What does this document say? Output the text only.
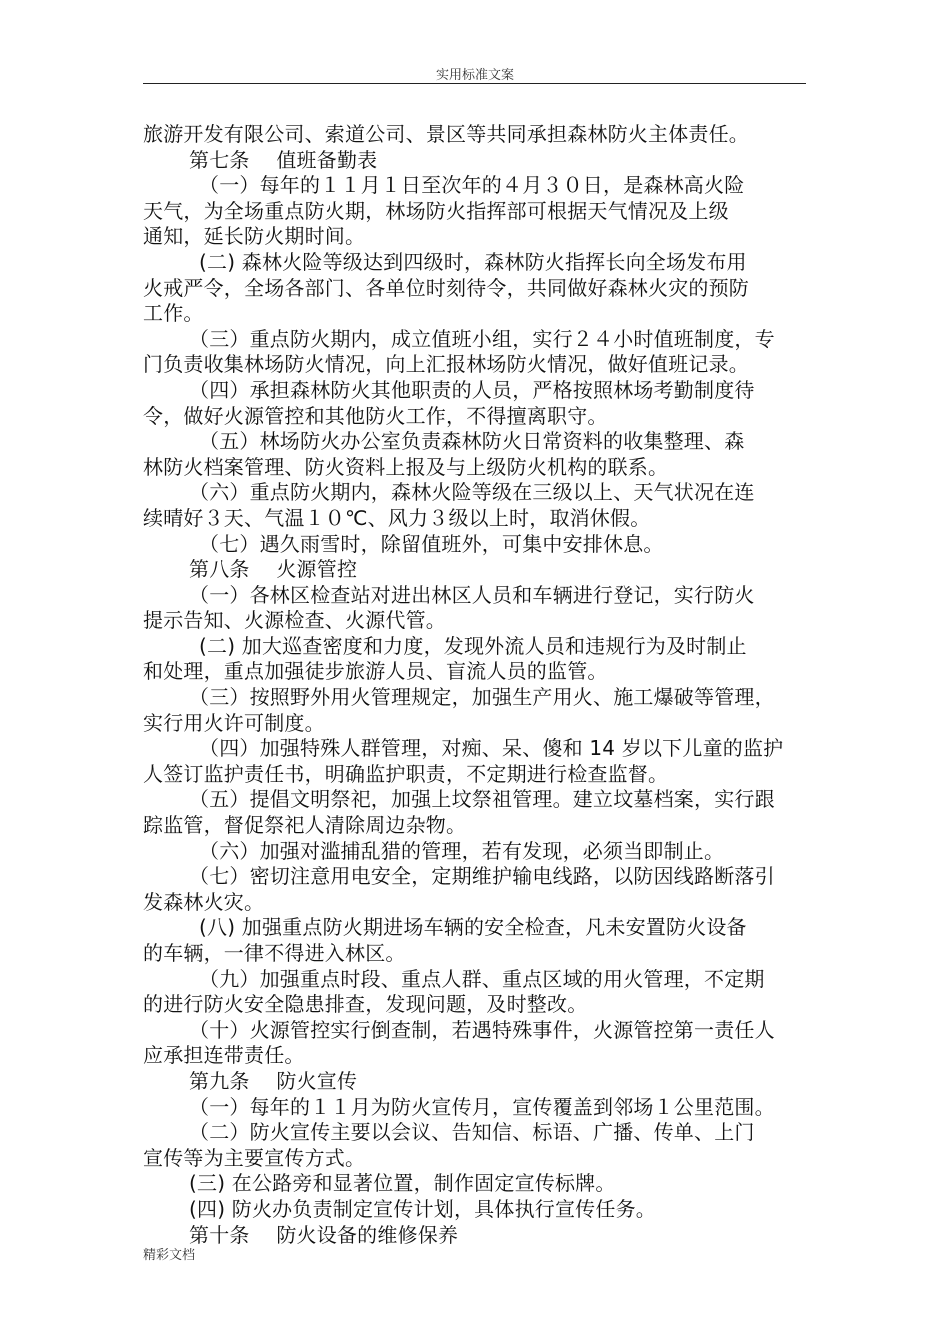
实用标准文案
旅游开发有限公司、索道公司、景区等共同承担森林防火主体责任。
第七条　 值班备勤表
（一）每年的１１月１日至次年的４月３０日，是森林高火险
天气，为全场重点防火期，林场防火指挥部可根据天气情况及上级
通知，延长防火期时间。
(二) 森林火险等级达到四级时，森林防火指挥长向全场发布用
火戒严令，全场各部门、各单位时刻待令，共同做好森林火灾的预防
工作。
（三）重点防火期内，成立值班小组，实行２４小时值班制度，专
门负责收集林场防火情况，向上汇报林场防火情况，做好值班记录。
（四）承担森林防火其他职责的人员，严格按照林场考勤制度待
令，做好火源管控和其他防火工作，不得擅离职守。
（五）林场防火办公室负责森林防火日常资料的收集整理、森
林防火档案管理、防火资料上报及与上级防火机构的联系。
（六）重点防火期内，森林火险等级在三级以上、天气状况在连
续晴好３天、气温１０℃、风力３级以上时，取消休假。
（七）遇久雨雪时，除留值班外，可集中安排休息。
第八条　 火源管控
（一）各林区检查站对进出林区人员和车辆进行登记，实行防火
提示告知、火源检查、火源代管。
(二) 加大巡查密度和力度，发现外流人员和违规行为及时制止
和处理，重点加强徒步旅游人员、盲流人员的监管。
（三）按照野外用火管理规定，加强生产用火、施工爆破等管理，
实行用火许可制度。
（四）加强特殊人群管理，对痴、呆、傻和 14 岁以下儿童的监护
人签订监护责任书，明确监护职责，不定期进行检查监督。
（五）提倡文明祭祀，加强上坟祭祖管理。建立坟墓档案，实行跟
踪监管，督促祭祀人清除周边杂物。
（六）加强对滥捕乱猎的管理，若有发现，必须当即制止。
（七）密切注意用电安全，定期维护输电线路，以防因线路断落引
发森林火灾。
(八) 加强重点防火期进场车辆的安全检查，凡未安置防火设备
的车辆，一律不得进入林区。
（九）加强重点时段、重点人群、重点区域的用火管理，不定期
的进行防火安全隐患排查，发现问题，及时整改。
（十）火源管控实行倒查制，若遇特殊事件，火源管控第一责任人
应承担连带责任。
第九条　 防火宣传
（一）每年的１１月为防火宣传月，宣传覆盖到邻场１公里范围。
（二）防火宣传主要以会议、告知信、标语、广播、传单、上门
宣传等为主要宣传方式。
(三) 在公路旁和显著位置，制作固定宣传标牌。
(四) 防火办负责制定宣传计划，具体执行宣传任务。
第十条　 防火设备的维修保养
精彩文档
